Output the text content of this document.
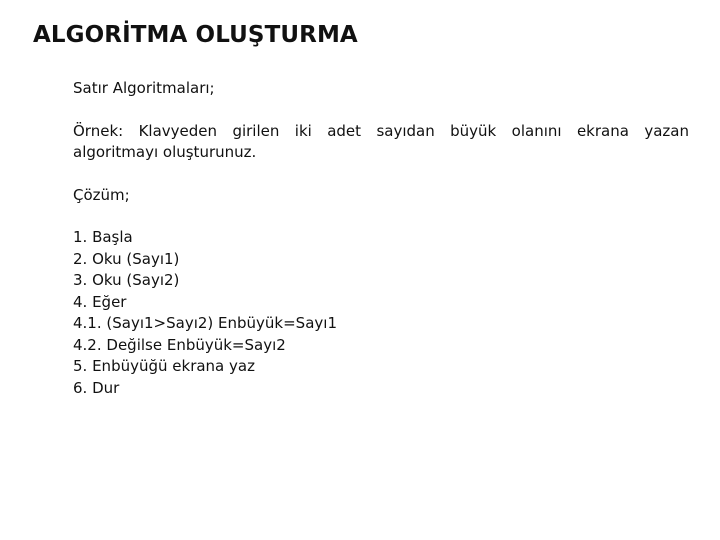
ALGORİTMA OLUŞTURMA

Satır Algoritmaları;

Örnek: Klavyeden girilen iki adet sayıdan büyük olanını ekrana yazan
algoritmayı oluşturunuz.

Çözüm;

1. Başla
2. Oku (Sayı1)
3. Oku (Sayı2)
4. Eğer
4.1. (Sayı1>Sayı2) Enbüyük=Sayı1
4.2. Değilse Enbüyük=Sayı2
5. Enbüyüğü ekrana yaz
6. Dur
